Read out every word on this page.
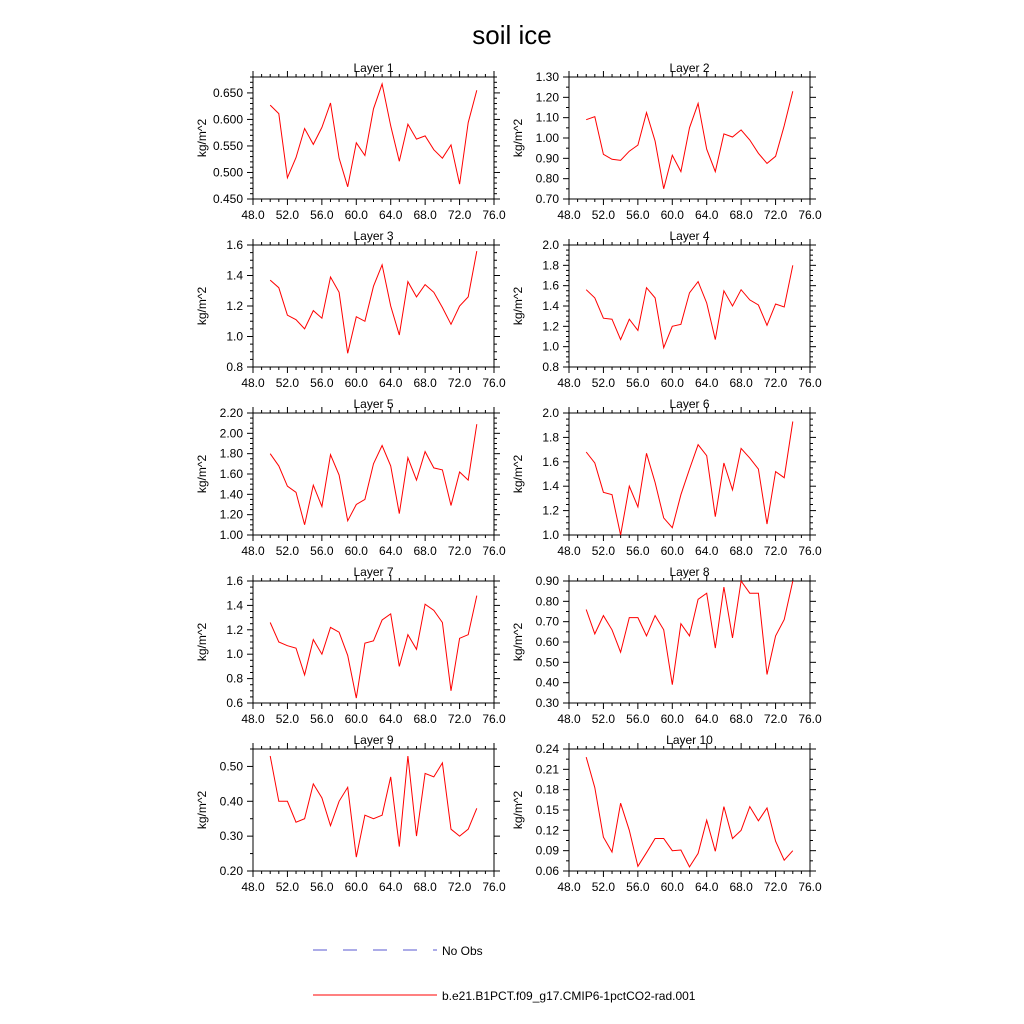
soil ice
Layer 1
48.0 52.0 56.0 60.0 64.0 68.0 72.0 76.0
0.450
0.500
0.550
0.600
0.650
kg/m^2
Layer 2
48.0 52.0 56.0 60.0 64.0 68.0 72.0 76.0
0.70
0.80
0.90
1.00
1.10
1.20
1.30
kg/m^2
Layer 3
48.0 52.0 56.0 60.0 64.0 68.0 72.0 76.0
0.8
1.0
1.2
1.4
1.6
kg/m^2
Layer 4
48.0 52.0 56.0 60.0 64.0 68.0 72.0 76.0
0.8
1.0
1.2
1.4
1.6
1.8
2.0
kg/m^2
Layer 5
48.0 52.0 56.0 60.0 64.0 68.0 72.0 76.0
1.00
1.20
1.40
1.60
1.80
2.00
2.20
kg/m^2
Layer 6
48.0 52.0 56.0 60.0 64.0 68.0 72.0 76.0
1.0
1.2
1.4
1.6
1.8
2.0
kg/m^2
Layer 7
48.0 52.0 56.0 60.0 64.0 68.0 72.0 76.0
0.6
0.8
1.0
1.2
1.4
1.6
kg/m^2
Layer 8
48.0 52.0 56.0 60.0 64.0 68.0 72.0 76.0
0.30
0.40
0.50
0.60
0.70
0.80
0.90
kg/m^2
Layer 9
48.0 52.0 56.0 60.0 64.0 68.0 72.0 76.0
0.20
0.30
0.40
0.50
kg/m^2
Layer 10
48.0 52.0 56.0 60.0 64.0 68.0 72.0 76.0
0.06
0.09
0.12
0.15
0.18
0.21
0.24
kg/m^2
No Obs
b.e21.B1PCT.f09_g17.CMIP6-1pctCO2-rad.001
